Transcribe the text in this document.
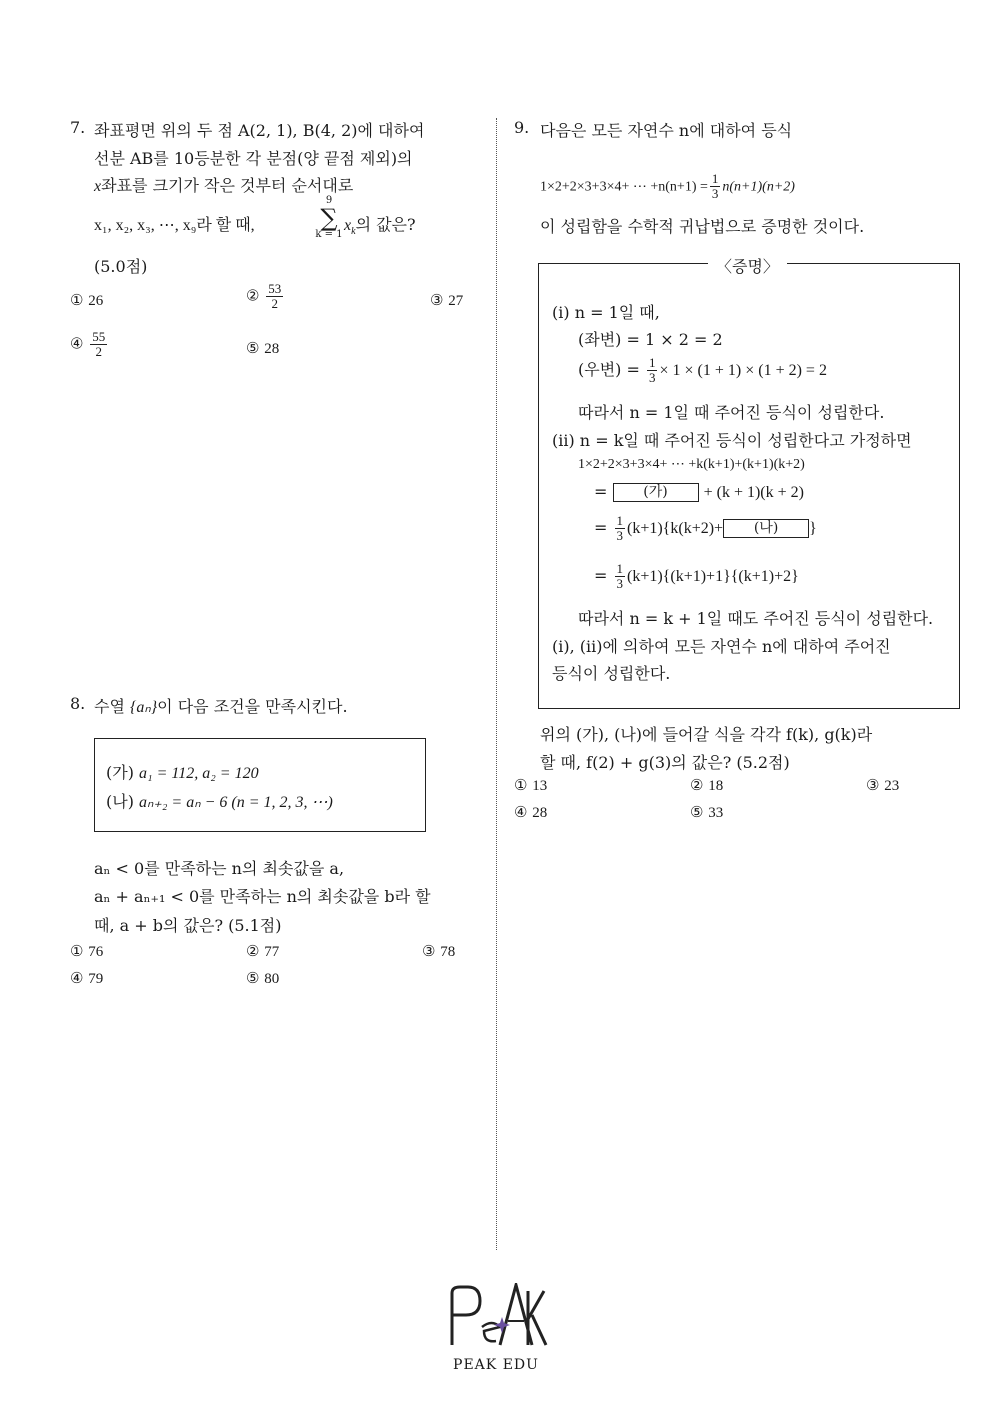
7. 좌표평면 위의 두 점 A(2, 1), B(4, 2)에 대하여
선분 AB를 10등분한 각 분점(양 끝점 제외)의
x좌표를 크기가 작은 것부터 순서대로
x₁, x₂, x₃, ⋯, x₉라 할 때,
9
∑
k = 1
$x_k$의 값은?
(5.0점)
① 26	② $\frac{53}{2}$	③ 27
④ $\frac{55}{2}$	⑤ 28
8. 수열 {aₙ}이 다음 조건을 만족시킨다.
(가) a₁ = 112, a₂ = 120
(나) aₙ₊₂ = aₙ − 6 (n = 1, 2, 3, ⋯)
aₙ < 0를 만족하는 n의 최솟값을 a,
aₙ + aₙ₊₁ < 0를 만족하는 n의 최솟값을 b라 할
때, a + b의 값은? (5.1점)
① 76	② 77	③ 78
④ 79	⑤ 80
9. 다음은 모든 자연수 n에 대하여 등식
1×2+2×3+3×4+ ⋯ $+n(n+1) = \frac{1}{3} n(n+1)(n+2)$
이 성립함을 수학적 귀납법으로 증명한 것이다.
〈증명〉
(ⅰ) n = 1일 때,
(좌변) = 1 × 2 = 2
(우변) = $\frac{1}{3} \times 1 \times (1 + 1) \times (1 + 2) = 2$
따라서 n = 1일 때 주어진 등식이 성립한다.
(ⅱ) n = k일 때 주어진 등식이 성립한다고 가정하면
1×2+2×3+3×4+ ⋯ +k(k+1)+(k+1)(k+2)
=	(가) + (k + 1)(k + 2)
= $\frac{1}{3} (k+1)\{k(k+2)+$ (나) }
= $\frac{1}{3} (k+1)\{(k+1)+1\}\{(k+1)+2\}$
따라서 n = k + 1일 때도 주어진 등식이 성립한다.
(ⅰ), (ⅱ)에 의하여 모든 자연수 n에 대하여 주어진
등식이 성립한다.
위의 (가), (나)에 들어갈 식을 각각 f(k), g(k)라
할 때, f(2) + g(3)의 값은? (5.2점)
① 13	② 18	③ 23
④ 28	⑤ 33
PEAK EDU
